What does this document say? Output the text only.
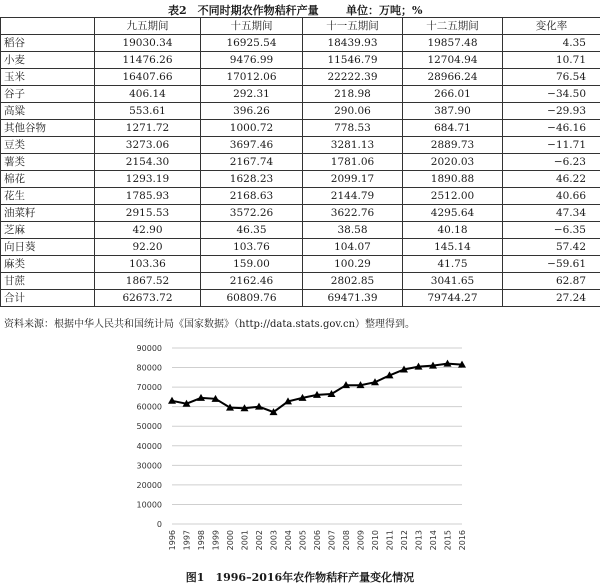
表2　不同时期农作物秸秆产量 单位：万吨；%
	九五期间	十五期间	十一五期间	十二五期间	变化率
稻谷	19030.34	16925.54	18439.93	19857.48	4.35
小麦	11476.26	9476.99	11546.79	12704.94	10.71
玉米	16407.66	17012.06	22222.39	28966.24	76.54
谷子	406.14	292.31	218.98	266.01	−34.50
高粱	553.61	396.26	290.06	387.90	−29.93
其他谷物	1271.72	1000.72	778.53	684.71	−46.16
豆类	3273.06	3697.46	3281.13	2889.73	−11.71
薯类	2154.30	2167.74	1781.06	2020.03	−6.23
棉花	1293.19	1628.23	2099.17	1890.88	46.22
花生	1785.93	2168.63	2144.79	2512.00	40.66
油菜籽	2915.53	3572.26	3622.76	4295.64	47.34
芝麻	42.90	46.35	38.58	40.18	−6.35
向日葵	92.20	103.76	104.07	145.14	57.42
麻类	103.36	159.00	100.29	41.75	−59.61
甘蔗	1867.52	2162.46	2802.85	3041.65	62.87
合计	62673.72	60809.76	69471.39	79744.27	27.24
资料来源：根据中华人民共和国统计局《国家数据》（http://data.stats.gov.cn）整理得到。
0
10000
20000
30000
40000
50000
60000
70000
80000
90000
1996 1997 1998 1999 2000 2001 2002 2003 2004 2005 2006 2007 2008 2009 2010 2011 2012 2013 2014 2015 2016
图1　1996–2016年农作物秸秆产量变化情况
